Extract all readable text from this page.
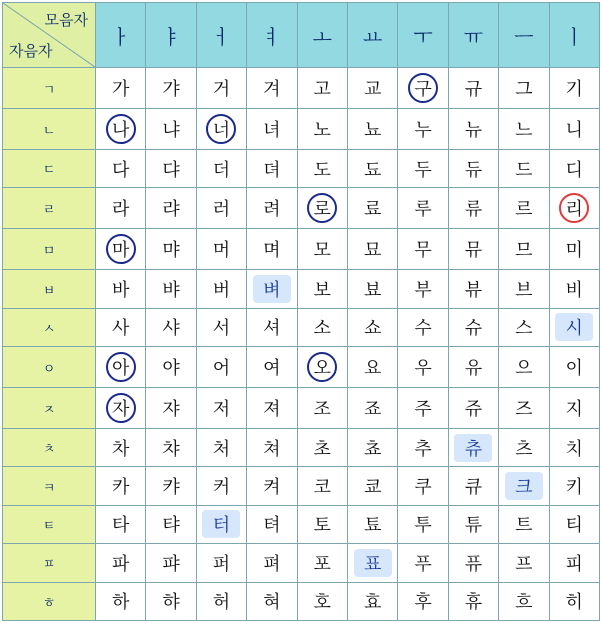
모음자
자음자	ㅏ	ㅑ	ㅓ	ㅕ	ㅗ	ㅛ	ㅜ	ㅠ	ㅡ	ㅣ
ㄱ	가	갸	거	겨	고	교	구	규	그	기
ㄴ	나	냐	너	녀	노	뇨	누	뉴	느	니
ㄷ	다	댜	더	뎌	도	됴	두	듀	드	디
ㄹ	라	랴	러	려	로	료	루	류	르	리
ㅁ	마	먀	머	며	모	묘	무	뮤	므	미
ㅂ	바	뱌	버	벼	보	뵤	부	뷰	브	비
ㅅ	사	샤	서	셔	소	쇼	수	슈	스	시
ㅇ	아	야	어	여	오	요	우	유	으	이
ㅈ	자	쟈	저	져	조	죠	주	쥬	즈	지
ㅊ	차	챠	처	쳐	초	쵸	추	츄	츠	치
ㅋ	카	캬	커	켜	코	쿄	쿠	큐	크	키
ㅌ	타	탸	터	텨	토	툐	투	튜	트	티
ㅍ	파	퍄	퍼	펴	포	표	푸	퓨	프	피
ㅎ	하	햐	허	혀	호	효	후	휴	흐	히
